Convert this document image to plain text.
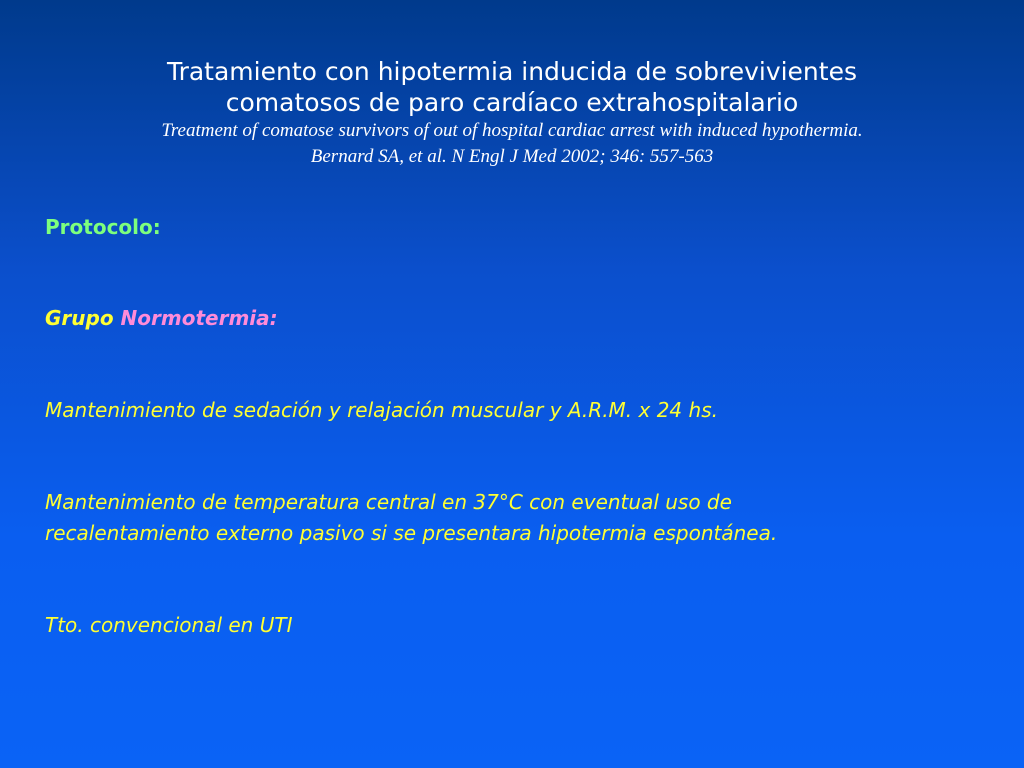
Tratamiento con hipotermia inducida de sobrevivientes
comatosos de paro cardíaco extrahospitalario
Treatment of comatose survivors of out of hospital cardiac arrest with induced hypothermia.
Bernard SA, et al. N Engl J Med 2002; 346: 557-563
Protocolo:
Grupo Normotermia:
Mantenimiento de sedación y relajación muscular y A.R.M. x 24 hs.
Mantenimiento de temperatura central en 37°C con eventual uso de
recalentamiento externo pasivo si se presentara hipotermia espontánea.
Tto. convencional en UTI
